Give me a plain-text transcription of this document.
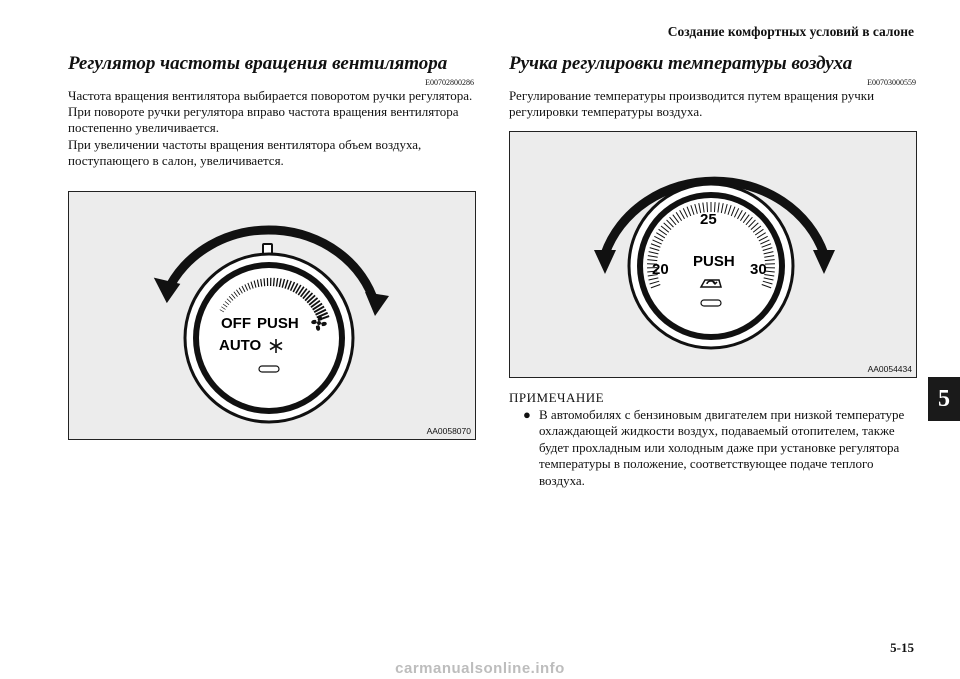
Создание комфортных условий в салоне
5
Регулятор частоты вращения вентилятора
E00702800286

Частота вращения вентилятора выбирается поворотом ручки регулятора.

При повороте ручки регулятора вправо частота вращения вентилятора постепенно увеличивается.

При увеличении частоты вращения вентилятора объем воздуха, поступающего в салон, увеличивается.

OFF
AUTO
PUSH
AA0058070
Ручка регулировки температуры воздуха
E00703000559

Регулирование температуры производится путем вращения ручки регулировки температуры воздуха.

25
20	30
PUSH
AA0054434
ПРИМЕЧАНИЕ
● В автомобилях с бензиновым двигателем при низкой температуре охлаждающей жидкости воздух, подаваемый отопителем, также будет прохладным или холодным даже при установке регулятора температуры в положение, соответствующее подаче теплого воздуха.
5-15
carmanualsonline.info
